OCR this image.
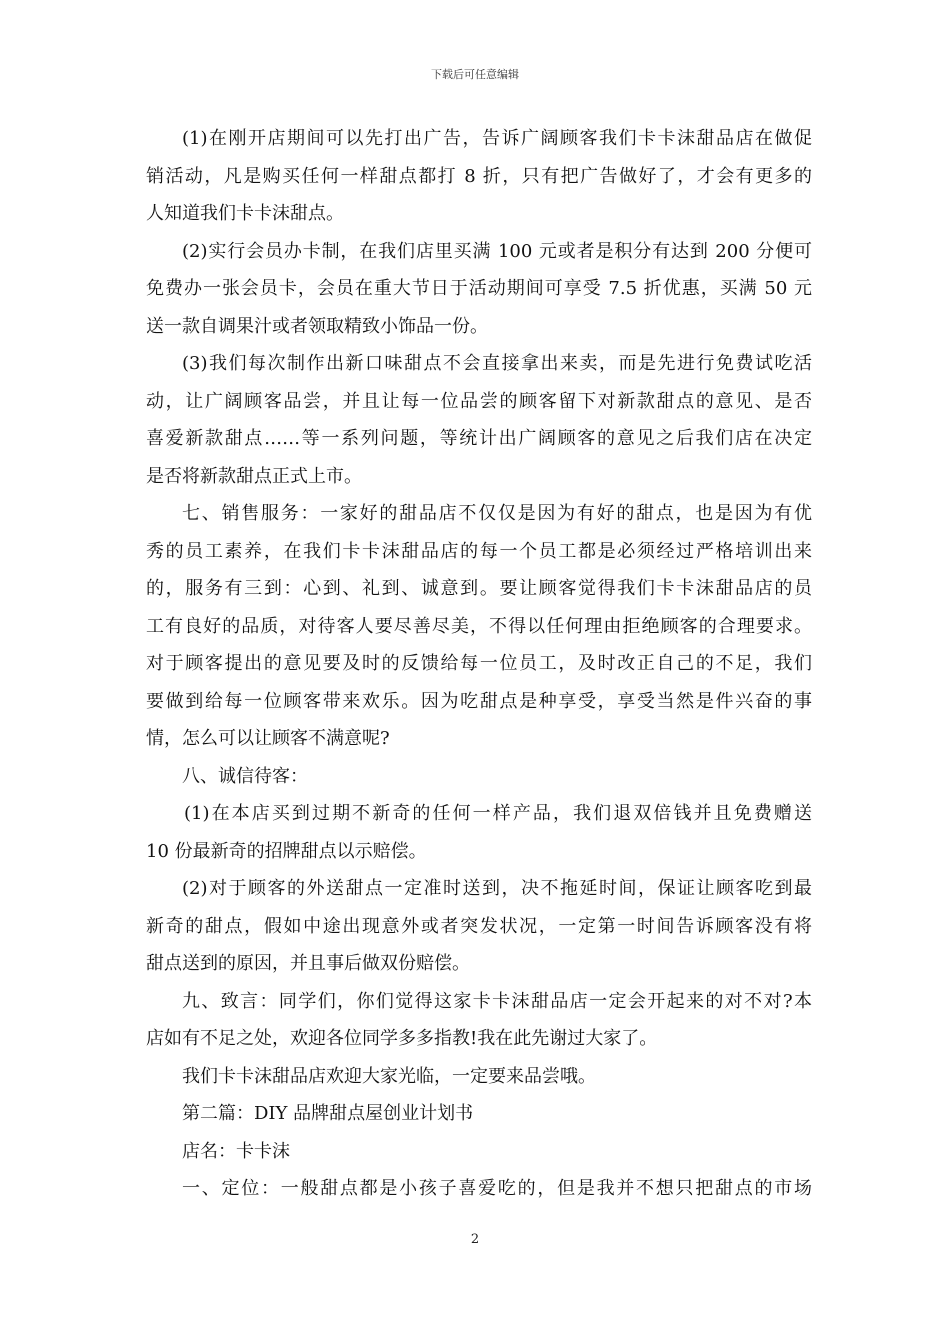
下载后可任意编辑
(1)在刚开店期间可以先打出广告，告诉广阔顾客我们卡卡沫甜品店在做促
销活动，凡是购买任何一样甜点都打 8 折，只有把广告做好了，才会有更多的
人知道我们卡卡沫甜点。
(2)实行会员办卡制，在我们店里买满 100 元或者是积分有达到 200 分便可
免费办一张会员卡，会员在重大节日于活动期间可享受 7.5 折优惠，买满 50 元
送一款自调果汁或者领取精致小饰品一份。
(3)我们每次制作出新口味甜点不会直接拿出来卖，而是先进行免费试吃活
动，让广阔顾客品尝，并且让每一位品尝的顾客留下对新款甜点的意见、是否
喜爱新款甜点……等一系列问题，等统计出广阔顾客的意见之后我们店在决定
是否将新款甜点正式上市。
七、销售服务：一家好的甜品店不仅仅是因为有好的甜点，也是因为有优
秀的员工素养，在我们卡卡沫甜品店的每一个员工都是必须经过严格培训出来
的，服务有三到：心到、礼到、诚意到。要让顾客觉得我们卡卡沫甜品店的员
工有良好的品质，对待客人要尽善尽美，不得以任何理由拒绝顾客的合理要求。
对于顾客提出的意见要及时的反馈给每一位员工，及时改正自己的不足，我们
要做到给每一位顾客带来欢乐。因为吃甜点是种享受，享受当然是件兴奋的事
情，怎么可以让顾客不满意呢?
八、诚信待客：
(1)在本店买到过期不新奇的任何一样产品，我们退双倍钱并且免费赠送
10 份最新奇的招牌甜点以示赔偿。
(2)对于顾客的外送甜点一定准时送到，决不拖延时间，保证让顾客吃到最
新奇的甜点，假如中途出现意外或者突发状况，一定第一时间告诉顾客没有将
甜点送到的原因，并且事后做双份赔偿。
九、致言：同学们，你们觉得这家卡卡沫甜品店一定会开起来的对不对?本
店如有不足之处，欢迎各位同学多多指教!我在此先谢过大家了。
我们卡卡沫甜品店欢迎大家光临，一定要来品尝哦。
第二篇：DIY 品牌甜点屋创业计划书
店名：卡卡沫
一、定位：一般甜点都是小孩子喜爱吃的，但是我并不想只把甜点的市场
2
